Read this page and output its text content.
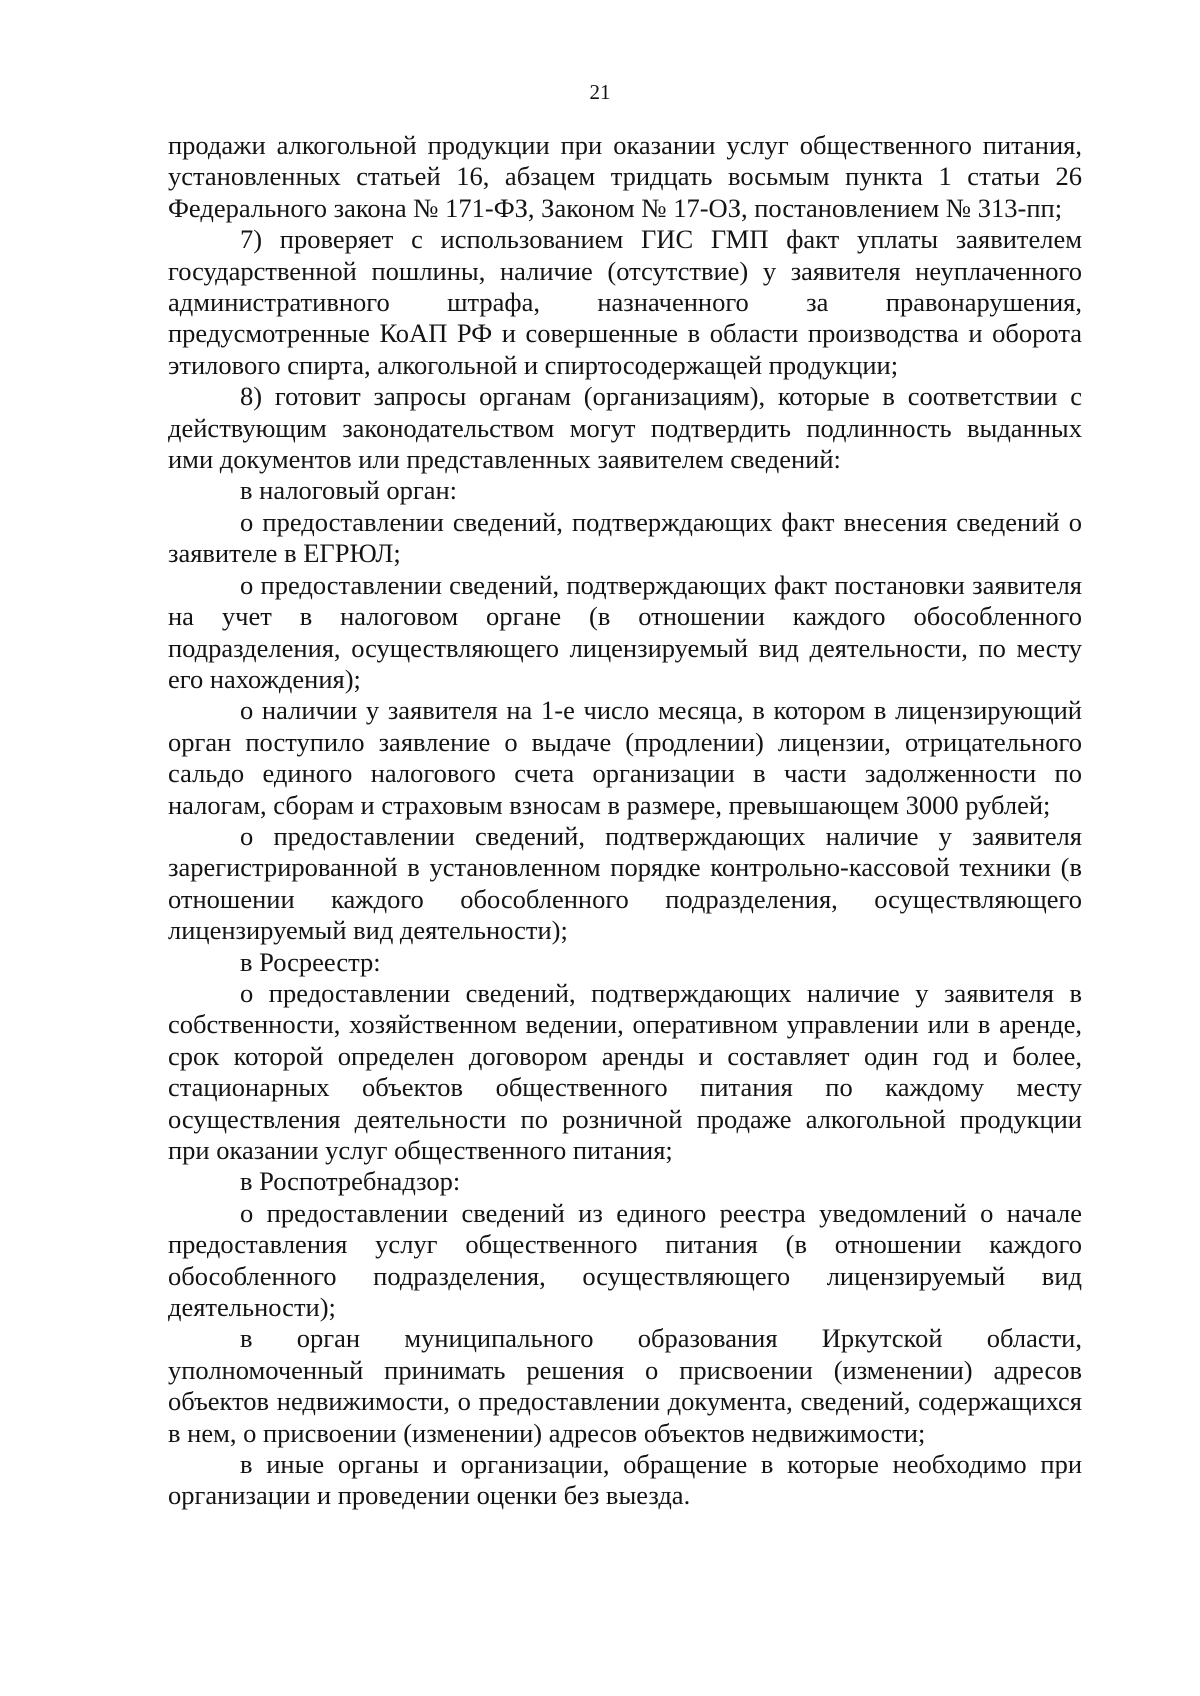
21

продажи алкогольной продукции при оказании услуг общественного питания, установленных статьей 16, абзацем тридцать восьмым пункта 1 статьи 26 Федерального закона № 171-ФЗ, Законом № 17-ОЗ, постановлением № 313-пп;

7) проверяет с использованием ГИС ГМП факт уплаты заявителем государственной пошлины, наличие (отсутствие) у заявителя неуплаченного административного штрафа, назначенного за правонарушения, предусмотренные КоАП РФ и совершенные в области производства и оборота этилового спирта, алкогольной и спиртосодержащей продукции;

8) готовит запросы органам (организациям), которые в соответствии с действующим законодательством могут подтвердить подлинность выданных ими документов или представленных заявителем сведений:

в налоговый орган:

о предоставлении сведений, подтверждающих факт внесения сведений о заявителе в ЕГРЮЛ;

о предоставлении сведений, подтверждающих факт постановки заявителя на учет в налоговом органе (в отношении каждого обособленного подразделения, осуществляющего лицензируемый вид деятельности, по месту его нахождения);

о наличии у заявителя на 1-е число месяца, в котором в лицензирующий орган поступило заявление о выдаче (продлении) лицензии, отрицательного сальдо единого налогового счета организации в части задолженности по налогам, сборам и страховым взносам в размере, превышающем 3000 рублей;

о предоставлении сведений, подтверждающих наличие у заявителя зарегистрированной в установленном порядке контрольно-кассовой техники (в отношении каждого обособленного подразделения, осуществляющего лицензируемый вид деятельности);

в Росреестр:

о предоставлении сведений, подтверждающих наличие у заявителя в собственности, хозяйственном ведении, оперативном управлении или в аренде, срок которой определен договором аренды и составляет один год и более, стационарных объектов общественного питания по каждому месту осуществления деятельности по розничной продаже алкогольной продукции при оказании услуг общественного питания;

в Роспотребнадзор:

о предоставлении сведений из единого реестра уведомлений о начале предоставления услуг общественного питания (в отношении каждого обособленного подразделения, осуществляющего лицензируемый вид деятельности);

в орган муниципального образования Иркутской области, уполномоченный принимать решения о присвоении (изменении) адресов объектов недвижимости, о предоставлении документа, сведений, содержащихся в нем, о присвоении (изменении) адресов объектов недвижимости;

в иные органы и организации, обращение в которые необходимо при организации и проведении оценки без выезда.
